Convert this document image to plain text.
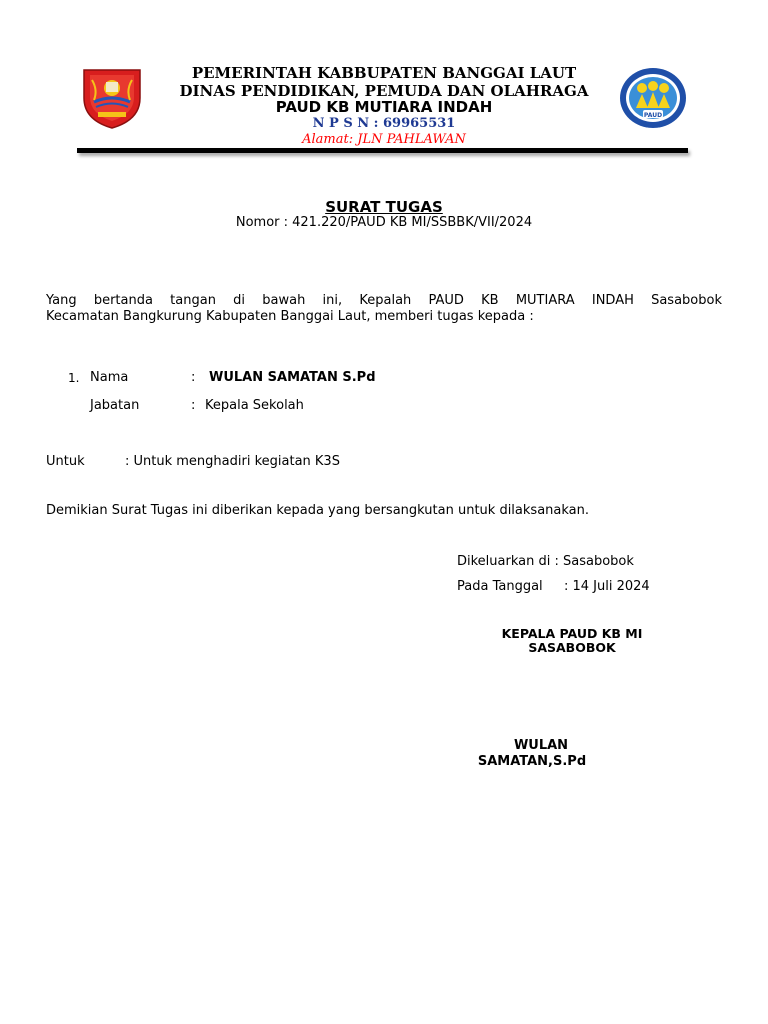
PAUD
PEMERINTAH KABBUPATEN BANGGAI LAUT
DINAS PENDIDIKAN, PEMUDA DAN OLAHRAGA
PAUD KB MUTIARA INDAH
N P S N : 69965531
Alamat: JLN PAHLAWAN
SURAT TUGAS
Nomor : 421.220/PAUD KB MI/SSBBK/VII/2024
Yang bertanda tangan di bawah ini, Kepalah PAUD KB MUTIARA INDAH Sasabobok
Kecamatan Bangkurung Kabupaten Banggai Laut, memberi tugas kepada :
1. Nama	: WULAN SAMATAN S.Pd
Jabatan	: Kepala Sekolah
Untuk	: Untuk menghadiri kegiatan K3S
Demikian Surat Tugas ini diberikan kepada yang bersangkutan untuk dilaksanakan.
Dikeluarkan di : Sasabobok
Pada Tanggal : 14 Juli 2024
KEPALA PAUD KB MI
SASABOBOK
WULAN
SAMATAN,S.Pd
